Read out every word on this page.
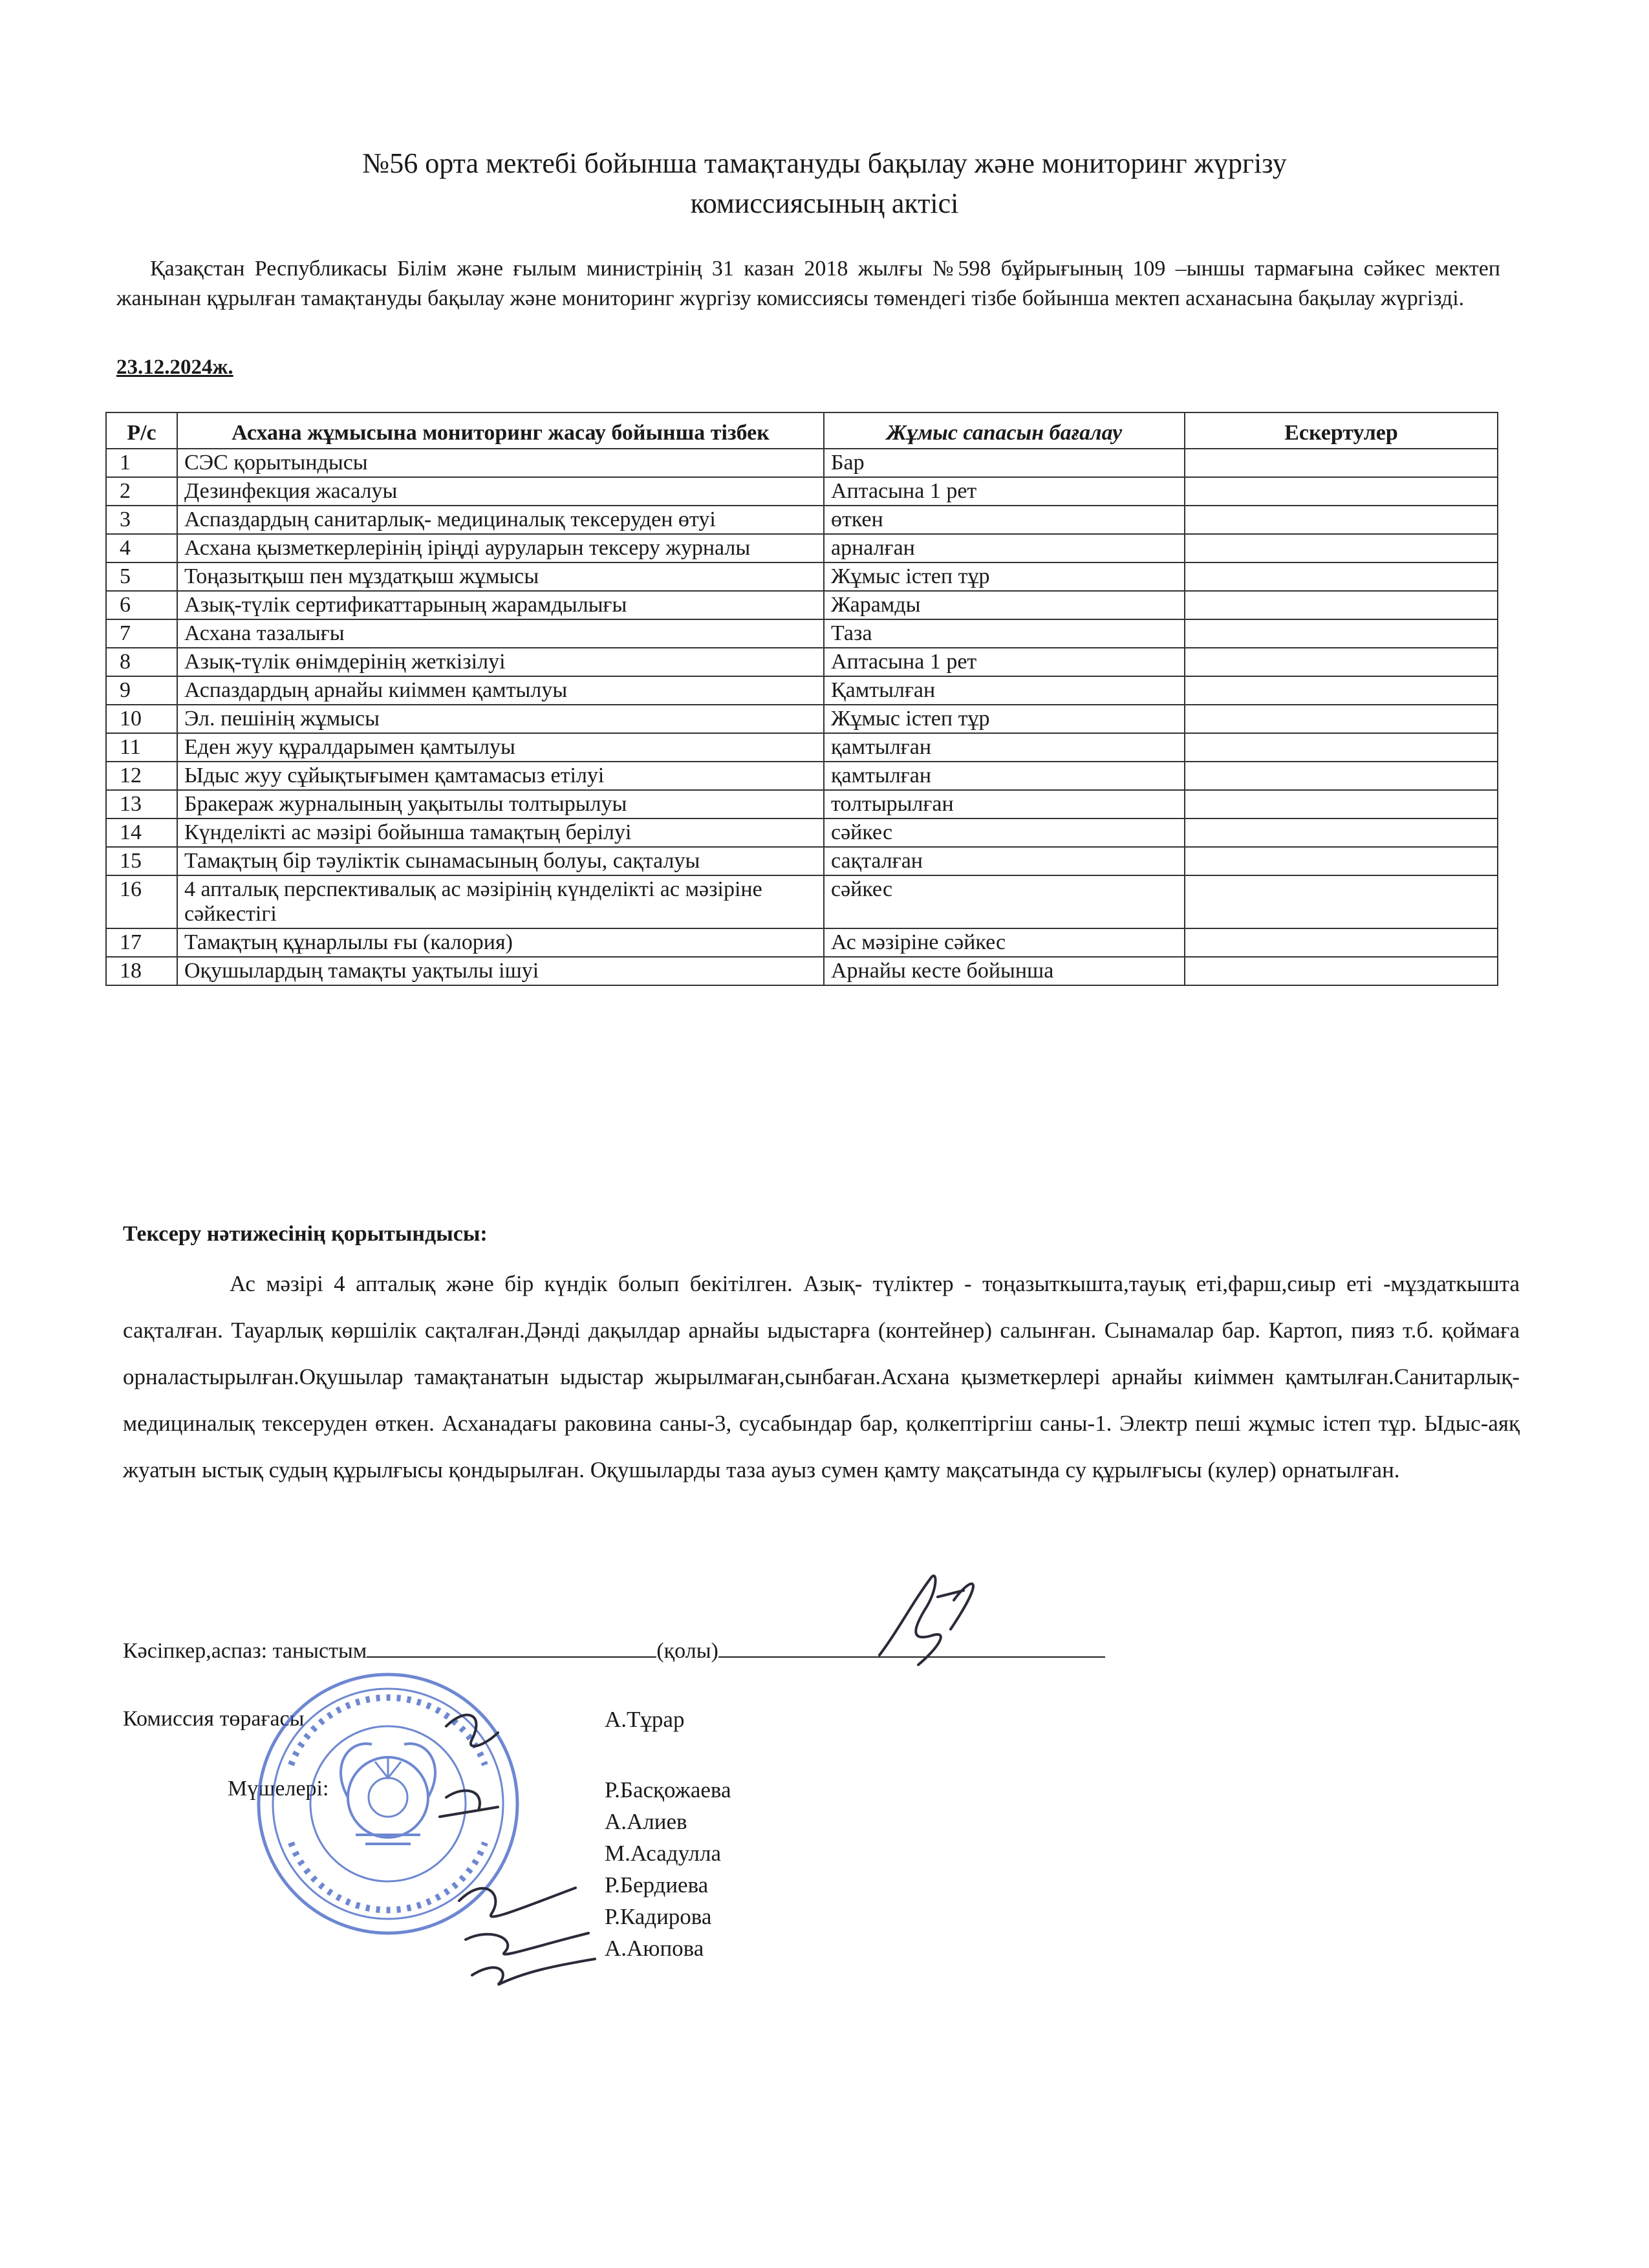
№56 орта мектебі бойынша тамақтануды бақылау және мониторинг жүргізу
комиссиясының актісі
Қазақстан Республикасы Білім және ғылым министрінің 31 казан 2018 жылғы №598 бұйрығының 109 –ыншы тармағына сәйкес мектеп жанынан құрылған тамақтануды бақылау және мониторинг жүргізу комиссиясы төмендегі тізбе бойынша мектеп асханасына бақылау жүргізді.
23.12.2024ж.
Р/с	Асхана жұмысына мониторинг жасау бойынша тізбек	Жұмыс сапасын бағалау	Ескертулер
1	СЭС қорытындысы	Бар	
2	Дезинфекция жасалуы	Аптасына 1 рет	
3	Аспаздардың санитарлық- медициналық тексеруден өтуі	өткен	
4	Асхана қызметкерлерінің іріңді ауруларын тексеру журналы	арналған	
5	Тоңазытқыш пен мұздатқыш жұмысы	Жұмыс істеп тұр	
6	Азық-түлік сертификаттарының жарамдылығы	Жарамды	
7	Асхана тазалығы	Таза	
8	Азық-түлік өнімдерінің жеткізілуі	Аптасына 1 рет	
9	Аспаздардың арнайы киіммен қамтылуы	Қамтылған	
10	Эл. пешінің жұмысы	Жұмыс істеп тұр	
11	Еден жуу құралдарымен қамтылуы	қамтылған	
12	Ыдыс жуу сұйықтығымен қамтамасыз етілуі	қамтылған	
13	Бракераж журналының уақытылы толтырылуы	толтырылған	
14	Күнделікті ас мәзірі бойынша тамақтың берілуі	сәйкес	
15	Тамақтың бір тәуліктік сынамасының болуы, сақталуы	сақталған	
16	4 апталық перспективалық ас мәзірінің күнделікті ас мәзіріне сәйкестігі	сәйкес	
17	Тамақтың құнарлылы ғы (калория)	Ас мәзіріне сәйкес	
18	Оқушылардың тамақты уақтылы ішуі	Арнайы кесте бойынша	
Тексеру нәтижесінің қорытындысы:
Ас мәзірі 4 апталық және бір күндік болып бекітілген. Азық- түліктер - тоңазыткышта,тауық еті,фарш,сиыр еті -мұздаткышта сақталған. Тауарлық көршілік сақталған.Дәнді дақылдар арнайы ыдыстарға (контейнер) салынған. Сынамалар бар. Картоп, пияз т.б. қоймаға орналастырылған.Оқушылар тамақтанатын ыдыстар жырылмаған,сынбаған.Асхана қызметкерлері арнайы киіммен қамтылған.Санитарлық-медициналық тексеруден өткен. Асханадағы раковина саны-3, сусабындар бар, қолкептіргіш саны-1. Электр пеші жұмыс істеп тұр. Ыдыс-аяқ жуатын ыстық судың құрылғысы қондырылған. Оқушыларды таза ауыз сумен қамту мақсатында су құрылғысы (кулер) орнатылған.
Кәсіпкер,аспаз: таныстым	(қолы)
Комиссия төрағасы	А.Тұрар
Мүшелері:	Р.Басқожаева
А.Алиев
М.Асадулла
Р.Бердиева
Р.Кадирова
А.Аюпова
